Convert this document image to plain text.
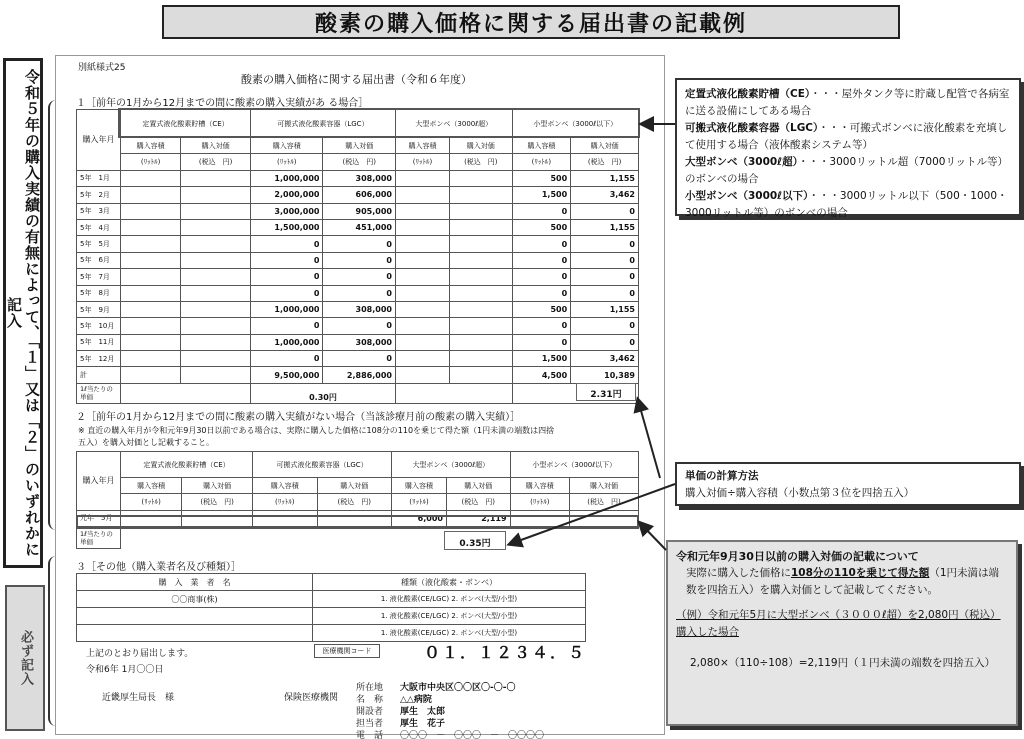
酸素の購入価格に関する届出書の記載例
令和５年の購入実績の有無によって、「１」又は「２」のいずれかに記入
必ず記入
別紙様式25
酸素の購入価格に関する届出書（令和６年度）
１［前年の1月から12月までの間に酸素の購入実績があ る場合］
購入年月	定置式液化酸素貯槽（CE）		可搬式液化酸素容器（LGC）		大型ボンベ（3000ℓ超）		小型ボンベ（3000ℓ以下）	
	購入容積	購入対価	購入容積	購入対価	購入容積	購入対価	購入容積	購入対価
	(ﾘｯﾄﾙ)	(税込　円)	(ﾘｯﾄﾙ)	(税込　円)	(ﾘｯﾄﾙ)	(税込　円)	(ﾘｯﾄﾙ)	(税込　円)
5年　1月			1,000,000	308,000			500	1,155
5年　2月			2,000,000	606,000			1,500	3,462
5年　3月			3,000,000	905,000			0	0
5年　4月			1,500,000	451,000			500	1,155
5年　5月			0	0			0	0
5年　6月			0	0			0	0
5年　7月			0	0			0	0
5年　8月			0	0			0	0
5年　9月			1,000,000	308,000			500	1,155
5年　10月			0	0			0	0
5年　11月			1,000,000	308,000			0	0
5年　12月			0	0			1,500	3,462
計			9,500,000	2,886,000			4,500	10,389
1ℓ当たりの単価			0.30円						2.31円
２［前年の1月から12月までの間に酸素の購入実績がない場合（当該診療月前の酸素の購入実績）］
※ 直近の購入年月が令和元年9月30日以前である場合は、実際に購入した価格に108分の110を乗じて得た額（1円未満の端数は四捨
五入）を購入対価とし記載すること。
購入年月	定置式液化酸素貯槽（CE）		可搬式液化酸素容器（LGC）		大型ボンベ（3000ℓ超）		小型ボンベ（3000ℓ以下）	
	購入容積	購入対価	購入容積	購入対価	購入容積	購入対価	購入容積	購入対価
	(ﾘｯﾄﾙ)	(税込　円)	(ﾘｯﾄﾙ)	(税込　円)	(ﾘｯﾄﾙ)	(税込　円)	(ﾘｯﾄﾙ)	(税込　円)
元年　5月					6,000	2,119		
1ℓ当たりの単価									0.35円
３［その他（購入業者名及び種類）］
購　入　業　者　名	種類（液化酸素・ボンベ）
〇〇商事(株)	1. 液化酸素(CE/LGC) 2. ボンベ(大型/小型)
	1. 液化酸素(CE/LGC) 2. ボンベ(大型/小型)
	1. 液化酸素(CE/LGC) 2. ボンベ(大型/小型)
上記のとおり届出します。
令和6年 1月〇〇日
近畿厚生局長　様	保険医療機関
医療機関コード	０１．１２３４．５
所在地 大阪市中央区〇〇区〇-〇-〇
名　称 △△病院
開設者 厚生　太郎
担当者 厚生　花子
電　話 〇〇〇　－　〇〇〇　－　〇〇〇〇
定置式液化酸素貯槽（CE）・・・屋外タンク等に貯蔵し配管で各病室に送る設備にしてある場合
可搬式液化酸素容器（LGC）・・・可搬式ボンベに液化酸素を充填して使用する場合（液体酸素システム等）
大型ボンベ（3000ℓ超）・・・3000リットル超（7000リットル等）のボンベの場合
小型ボンベ（3000ℓ以下）・・・3000リットル以下（500・1000・3000リットル等）のボンベの場合
単価の計算方法
購入対価÷購入容積（小数点第３位を四捨五入）
令和元年9月30日以前の購入対価の記載について
実際に購入した価格に108分の110を乗じて得た額（1円未満は端数を四捨五入）を購入対価として記載してください。
（例）令和元年5月に大型ボンベ（３０００ℓ超）を2,080円（税込）購入した場合
2,080×（110÷108）=2,119円（１円未満の端数を四捨五入）
